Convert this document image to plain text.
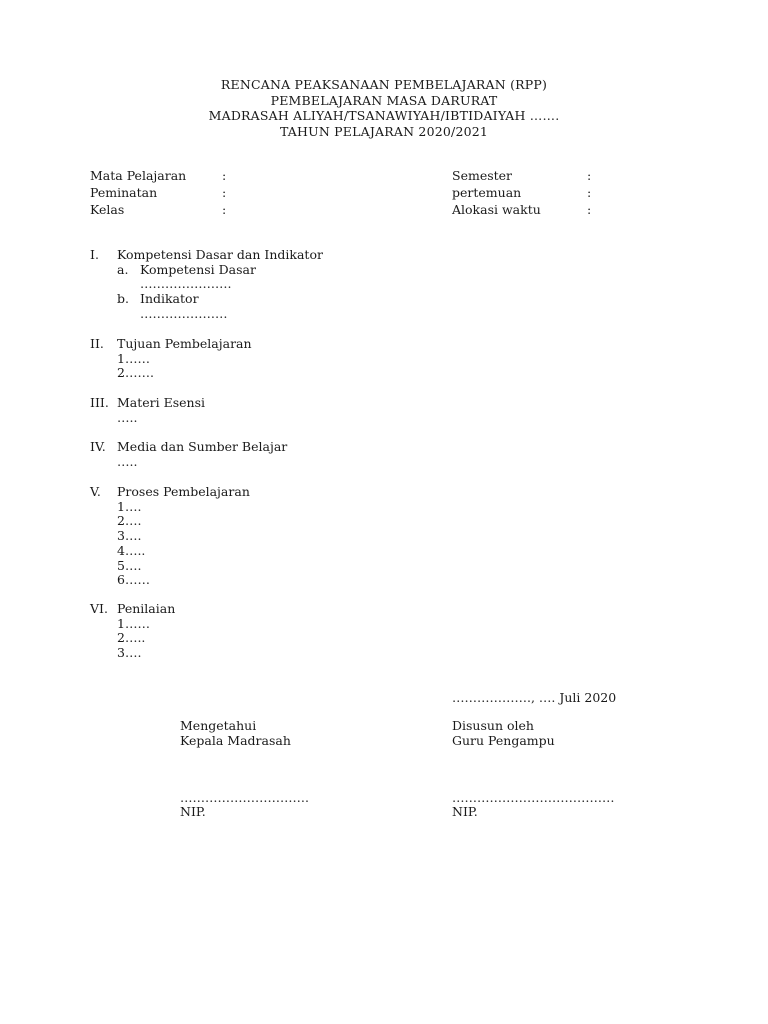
RENCANA PEAKSANAAN PEMBELAJARAN (RPP)
PEMBELAJARAN MASA DARURAT
MADRASAH ALIYAH/TSANAWIYAH/IBTIDAIYAH …….
TAHUN PELAJARAN 2020/2021
Mata Pelajaran	:	Semester	:
Peminatan	:	pertemuan	:
Kelas	:	Alokasi waktu	:
I. Kompetensi Dasar dan Indikator
a. Kompetensi Dasar
………………….
b. Indikator
…………………
II. Tujuan Pembelajaran
1……
2…….
III. Materi Esensi
…..
IV. Media dan Sumber Belajar
…..
V. Proses Pembelajaran
1….
2….
3….
4…..
5….
6……
VI. Penilaian
1……
2…..
3….
………………., …. Juli 2020
Mengetahui
Kepala Madrasah
………………………….
NIP.
Disusun oleh
Guru Pengampu
…………………………………
NIP.
